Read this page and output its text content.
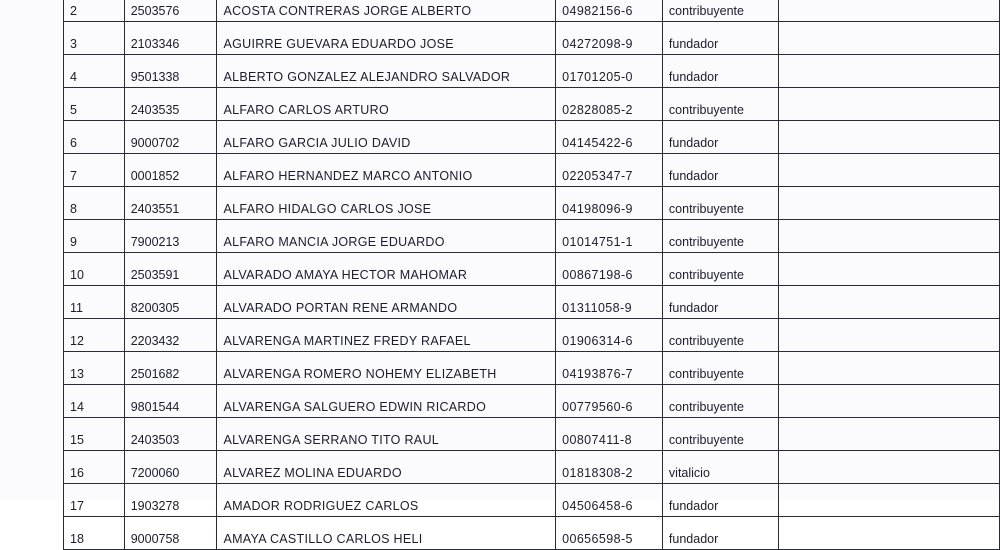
2	2503576	ACOSTA CONTRERAS JORGE ALBERTO	04982156-6	contribuyente	
3	2103346	AGUIRRE GUEVARA EDUARDO JOSE	04272098-9	fundador	
4	9501338	ALBERTO GONZALEZ ALEJANDRO SALVADOR	01701205-0	fundador	
5	2403535	ALFARO CARLOS ARTURO	02828085-2	contribuyente	
6	9000702	ALFARO GARCIA JULIO DAVID	04145422-6	fundador	
7	0001852	ALFARO HERNANDEZ MARCO ANTONIO	02205347-7	fundador	
8	2403551	ALFARO HIDALGO CARLOS JOSE	04198096-9	contribuyente	
9	7900213	ALFARO MANCIA JORGE EDUARDO	01014751-1	contribuyente	
10	2503591	ALVARADO AMAYA HECTOR MAHOMAR	00867198-6	contribuyente	
11	8200305	ALVARADO PORTAN RENE ARMANDO	01311058-9	fundador	
12	2203432	ALVARENGA MARTINEZ FREDY RAFAEL	01906314-6	contribuyente	
13	2501682	ALVARENGA ROMERO NOHEMY ELIZABETH	04193876-7	contribuyente	
14	9801544	ALVARENGA SALGUERO EDWIN RICARDO	00779560-6	contribuyente	
15	2403503	ALVARENGA SERRANO TITO RAUL	00807411-8	contribuyente	
16	7200060	ALVAREZ MOLINA EDUARDO	01818308-2	vitalicio	
17	1903278	AMADOR RODRIGUEZ CARLOS	04506458-6	fundador	
18	9000758	AMAYA CASTILLO CARLOS HELI	00656598-5	fundador	
